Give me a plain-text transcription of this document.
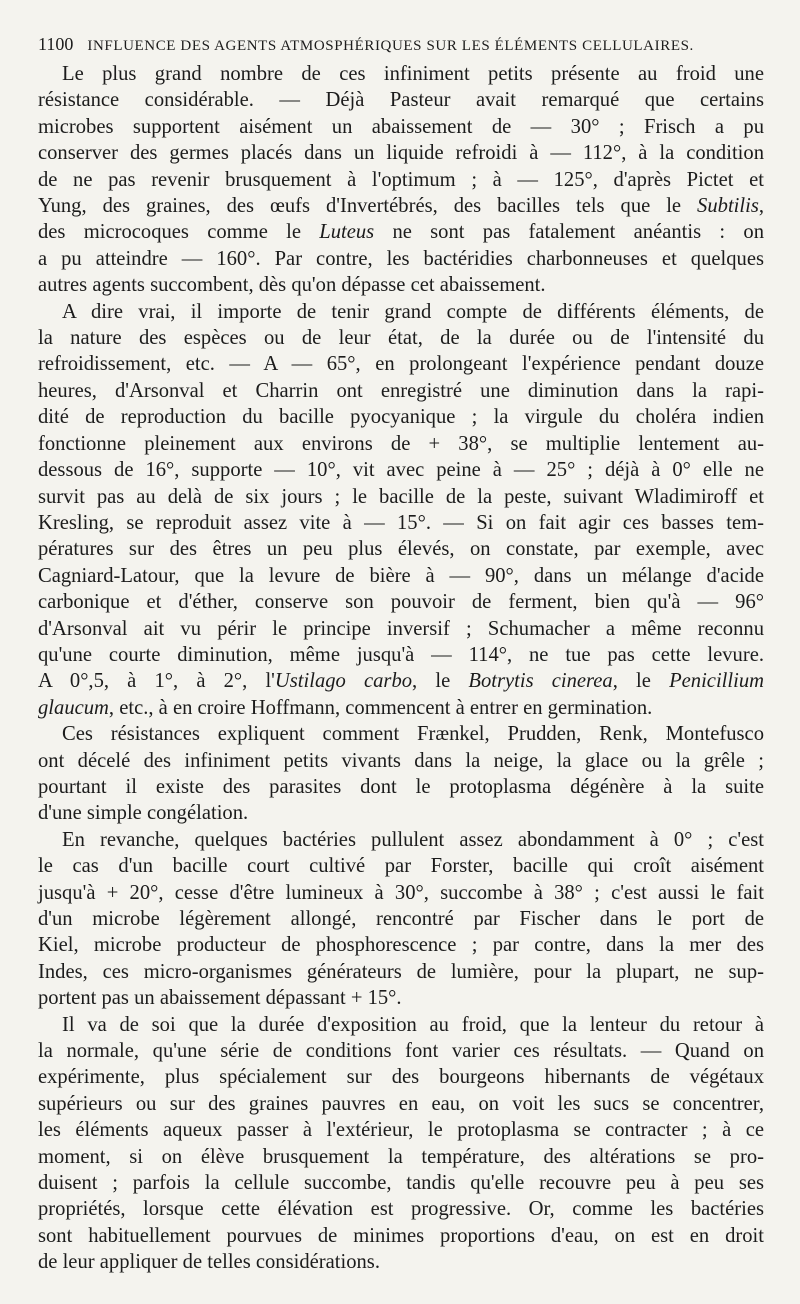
1100 INFLUENCE DES AGENTS ATMOSPHÉRIQUES SUR LES ÉLÉMENTS CELLULAIRES.
Le plus grand nombre de ces infiniment petits présente au froid une
résistance considérable. — Déjà Pasteur avait remarqué que certains
microbes supportent aisément un abaissement de — 30° ; Frisch a pu
conserver des germes placés dans un liquide refroidi à — 112°, à la condition
de ne pas revenir brusquement à l'optimum ; à — 125°, d'après Pictet et
Yung, des graines, des œufs d'Invertébrés, des bacilles tels que le Subtilis,
des microcoques comme le Luteus ne sont pas fatalement anéantis : on
a pu atteindre — 160°. Par contre, les bactéridies charbonneuses et quelques
autres agents succombent, dès qu'on dépasse cet abaissement.
A dire vrai, il importe de tenir grand compte de différents éléments, de
la nature des espèces ou de leur état, de la durée ou de l'intensité du
refroidissement, etc. — A — 65°, en prolongeant l'expérience pendant douze
heures, d'Arsonval et Charrin ont enregistré une diminution dans la rapi-
dité de reproduction du bacille pyocyanique ; la virgule du choléra indien
fonctionne pleinement aux environs de + 38°, se multiplie lentement au-
dessous de 16°, supporte — 10°, vit avec peine à — 25° ; déjà à 0° elle ne
survit pas au delà de six jours ; le bacille de la peste, suivant Wladimiroff et
Kresling, se reproduit assez vite à — 15°. — Si on fait agir ces basses tem-
pératures sur des êtres un peu plus élevés, on constate, par exemple, avec
Cagniard-Latour, que la levure de bière à — 90°, dans un mélange d'acide
carbonique et d'éther, conserve son pouvoir de ferment, bien qu'à — 96°
d'Arsonval ait vu périr le principe inversif ; Schumacher a même reconnu
qu'une courte diminution, même jusqu'à — 114°, ne tue pas cette levure.
A 0°,5, à 1°, à 2°, l'Ustilago carbo, le Botrytis cinerea, le Penicillium
glaucum, etc., à en croire Hoffmann, commencent à entrer en germination.
Ces résistances expliquent comment Frænkel, Prudden, Renk, Montefusco
ont décelé des infiniment petits vivants dans la neige, la glace ou la grêle ;
pourtant il existe des parasites dont le protoplasma dégénère à la suite
d'une simple congélation.
En revanche, quelques bactéries pullulent assez abondamment à 0° ; c'est
le cas d'un bacille court cultivé par Forster, bacille qui croît aisément
jusqu'à + 20°, cesse d'être lumineux à 30°, succombe à 38° ; c'est aussi le fait
d'un microbe légèrement allongé, rencontré par Fischer dans le port de
Kiel, microbe producteur de phosphorescence ; par contre, dans la mer des
Indes, ces micro-organismes générateurs de lumière, pour la plupart, ne sup-
portent pas un abaissement dépassant + 15°.
Il va de soi que la durée d'exposition au froid, que la lenteur du retour à
la normale, qu'une série de conditions font varier ces résultats. — Quand on
expérimente, plus spécialement sur des bourgeons hibernants de végétaux
supérieurs ou sur des graines pauvres en eau, on voit les sucs se concentrer,
les éléments aqueux passer à l'extérieur, le protoplasma se contracter ; à ce
moment, si on élève brusquement la température, des altérations se pro-
duisent ; parfois la cellule succombe, tandis qu'elle recouvre peu à peu ses
propriétés, lorsque cette élévation est progressive. Or, comme les bactéries
sont habituellement pourvues de minimes proportions d'eau, on est en droit
de leur appliquer de telles considérations.
